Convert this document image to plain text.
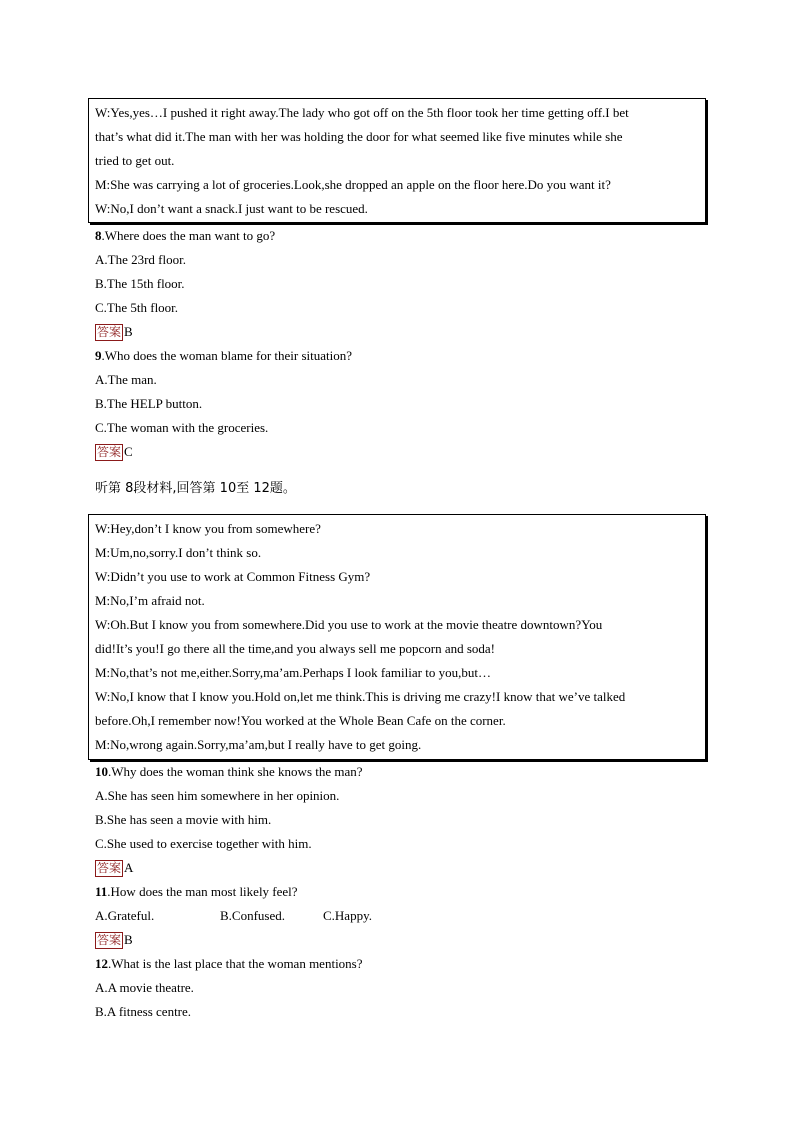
W:Yes,yes…I pushed it right away.The lady who got off on the 5th floor took her time getting off.I bet
that’s what did it.The man with her was holding the door for what seemed like five minutes while she
tried to get out.
M:She was carrying a lot of groceries.Look,she dropped an apple on the floor here.Do you want it?
W:No,I don’t want a snack.I just want to be rescued.
8.Where does the man want to go?
A.The 23rd floor.
B.The 15th floor.
C.The 5th floor.
答案 B
9.Who does the woman blame for their situation?
A.The man.
B.The HELP button.
C.The woman with the groceries.
答案 C
听第 8段材料,回答第 10至 12题。
W:Hey,don’t I know you from somewhere?
M:Um,no,sorry.I don’t think so.
W:Didn’t you use to work at Common Fitness Gym?
M:No,I’m afraid not.
W:Oh.But I know you from somewhere.Did you use to work at the movie theatre downtown?You
did!It’s you!I go there all the time,and you always sell me popcorn and soda!
M:No,that’s not me,either.Sorry,ma’am.Perhaps I look familiar to you,but…
W:No,I know that I know you.Hold on,let me think.This is driving me crazy!I know that we’ve talked
before.Oh,I remember now!You worked at the Whole Bean Cafe on the corner.
M:No,wrong again.Sorry,ma’am,but I really have to get going.
10.Why does the woman think she knows the man?
A.She has seen him somewhere in her opinion.
B.She has seen a movie with him.
C.She used to exercise together with him.
答案 A
11.How does the man most likely feel?
A.Grateful.	B.Confused.	C.Happy.
答案 B
12.What is the last place that the woman mentions?
A.A movie theatre.
B.A fitness centre.
